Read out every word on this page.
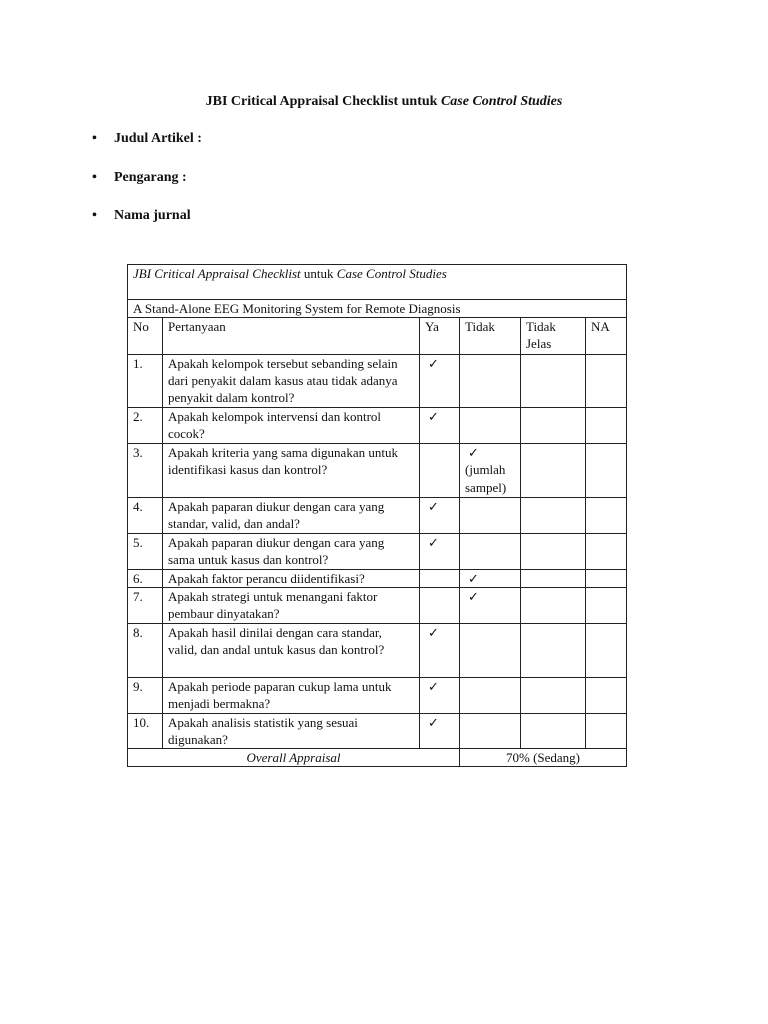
JBI Critical Appraisal Checklist untuk Case Control Studies
• Judul Artikel :
• Pengarang :
• Nama jurnal
JBI Critical Appraisal Checklist untuk Case Control Studies					
A Stand-Alone EEG Monitoring System for Remote Diagnosis					
No	Pertanyaan	Ya	Tidak	Tidak Jelas	NA
1.	Apakah kelompok tersebut sebanding selain dari penyakit dalam kasus atau tidak adanya penyakit dalam kontrol?	✓	

2.	Apakah kelompok intervensi dan kontrol cocok?	✓	

3.	Apakah kriteria yang sama digunakan untuk identifikasi kasus dan kontrol?		✓
(jumlah sampel)		

4.	Apakah paparan diukur dengan cara yang standar, valid, dan andal?	✓	

5.	Apakah paparan diukur dengan cara yang sama untuk kasus dan kontrol?	✓	

6.	Apakah faktor perancu diidentifikasi?		✓		

7.	Apakah strategi untuk menangani faktor pembaur dinyatakan?		✓		

8.	Apakah hasil dinilai dengan cara standar, valid, dan andal untuk kasus dan kontrol?	✓	

9.	Apakah periode paparan cukup lama untuk menjadi bermakna?	✓	

10.	Apakah analisis statistik yang sesuai digunakan?	✓	

Overall Appraisal			70% (Sedang)		
